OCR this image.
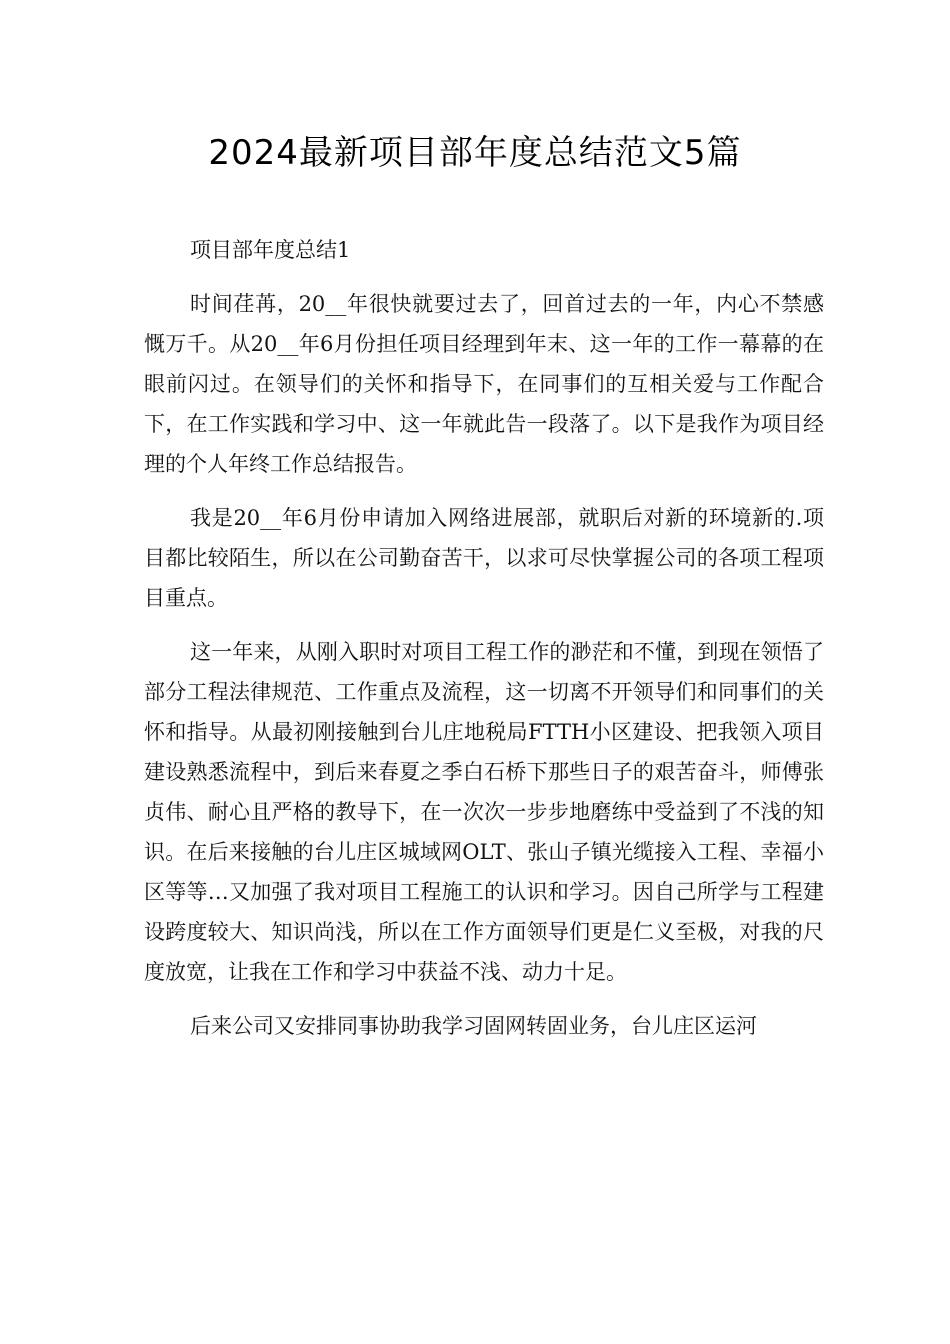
2024最新项目部年度总结范文5篇

项目部年度总结1

时间荏苒，20__年很快就要过去了，回首过去的一年，内心不禁感慨万千。从20__年6月份担任项目经理到年末、这一年的工作一幕幕的在眼前闪过。在领导们的关怀和指导下，在同事们的互相关爱与工作配合下，在工作实践和学习中、这一年就此告一段落了。以下是我作为项目经理的个人年终工作总结报告。

我是20__年6月份申请加入网络进展部，就职后对新的环境新的.项目都比较陌生，所以在公司勤奋苦干，以求可尽快掌握公司的各项工程项目重点。

这一年来，从刚入职时对项目工程工作的渺茫和不懂，到现在领悟了部分工程法律规范、工作重点及流程，这一切离不开领导们和同事们的关怀和指导。从最初刚接触到台儿庄地税局FTTH小区建设、把我领入项目建设熟悉流程中，到后来春夏之季白石桥下那些日子的艰苦奋斗，师傅张贞伟、耐心且严格的教导下，在一次次一步步地磨练中受益到了不浅的知识。在后来接触的台儿庄区城域网OLT、张山子镇光缆接入工程、幸福小区等等…又加强了我对项目工程施工的认识和学习。因自己所学与工程建设跨度较大、知识尚浅，所以在工作方面领导们更是仁义至极，对我的尺度放宽，让我在工作和学习中获益不浅、动力十足。

后来公司又安排同事协助我学习固网转固业务，台儿庄区运河
